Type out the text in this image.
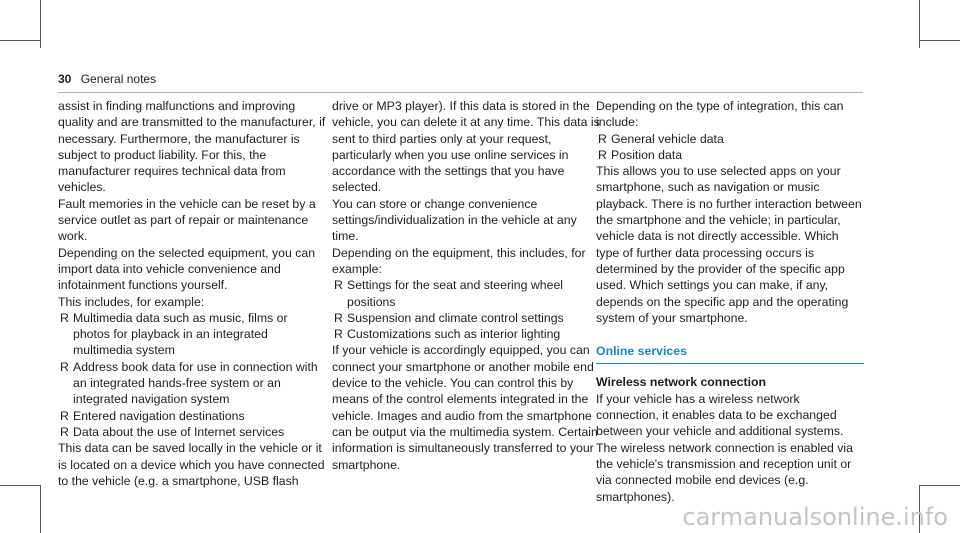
30 General notes

assist in finding malfunctions and improving quality and are transmitted to the manufacturer, if necessary. Furthermore, the manufacturer is subject to product liability. For this, the manufacturer requires technical data from vehicles.

Fault memories in the vehicle can be reset by a service outlet as part of repair or maintenance work.

Depending on the selected equipment, you can import data into vehicle convenience and infotainment functions yourself.

This includes, for example:

R Multimedia data such as music, films or photos for playback in an integrated multimedia system
R Address book data for use in connection with an integrated hands-free system or an integrated navigation system
R Entered navigation destinations
R Data about the use of Internet services

This data can be saved locally in the vehicle or it is located on a device which you have connected to the vehicle (e.g. a smartphone, USB flash

drive or MP3 player). If this data is stored in the vehicle, you can delete it at any time. This data is sent to third parties only at your request, particularly when you use online services in accordance with the settings that you have selected.

You can store or change convenience settings/individualization in the vehicle at any time.

Depending on the equipment, this includes, for example:

R Settings for the seat and steering wheel positions
R Suspension and climate control settings
R Customizations such as interior lighting

If your vehicle is accordingly equipped, you can connect your smartphone or another mobile end device to the vehicle. You can control this by means of the control elements integrated in the vehicle. Images and audio from the smartphone can be output via the multimedia system. Certain information is simultaneously transferred to your smartphone.

Depending on the type of integration, this can include:

R General vehicle data
R Position data

This allows you to use selected apps on your smartphone, such as navigation or music playback. There is no further interaction between the smartphone and the vehicle; in particular, vehicle data is not directly accessible. Which type of further data processing occurs is determined by the provider of the specific app used. Which settings you can make, if any, depends on the specific app and the operating system of your smartphone.

Online services

Wireless network connection

If your vehicle has a wireless network connection, it enables data to be exchanged between your vehicle and additional systems. The wireless network connection is enabled via the vehicle's transmission and reception unit or via connected mobile end devices (e.g. smartphones).

carmanualsonline.info
